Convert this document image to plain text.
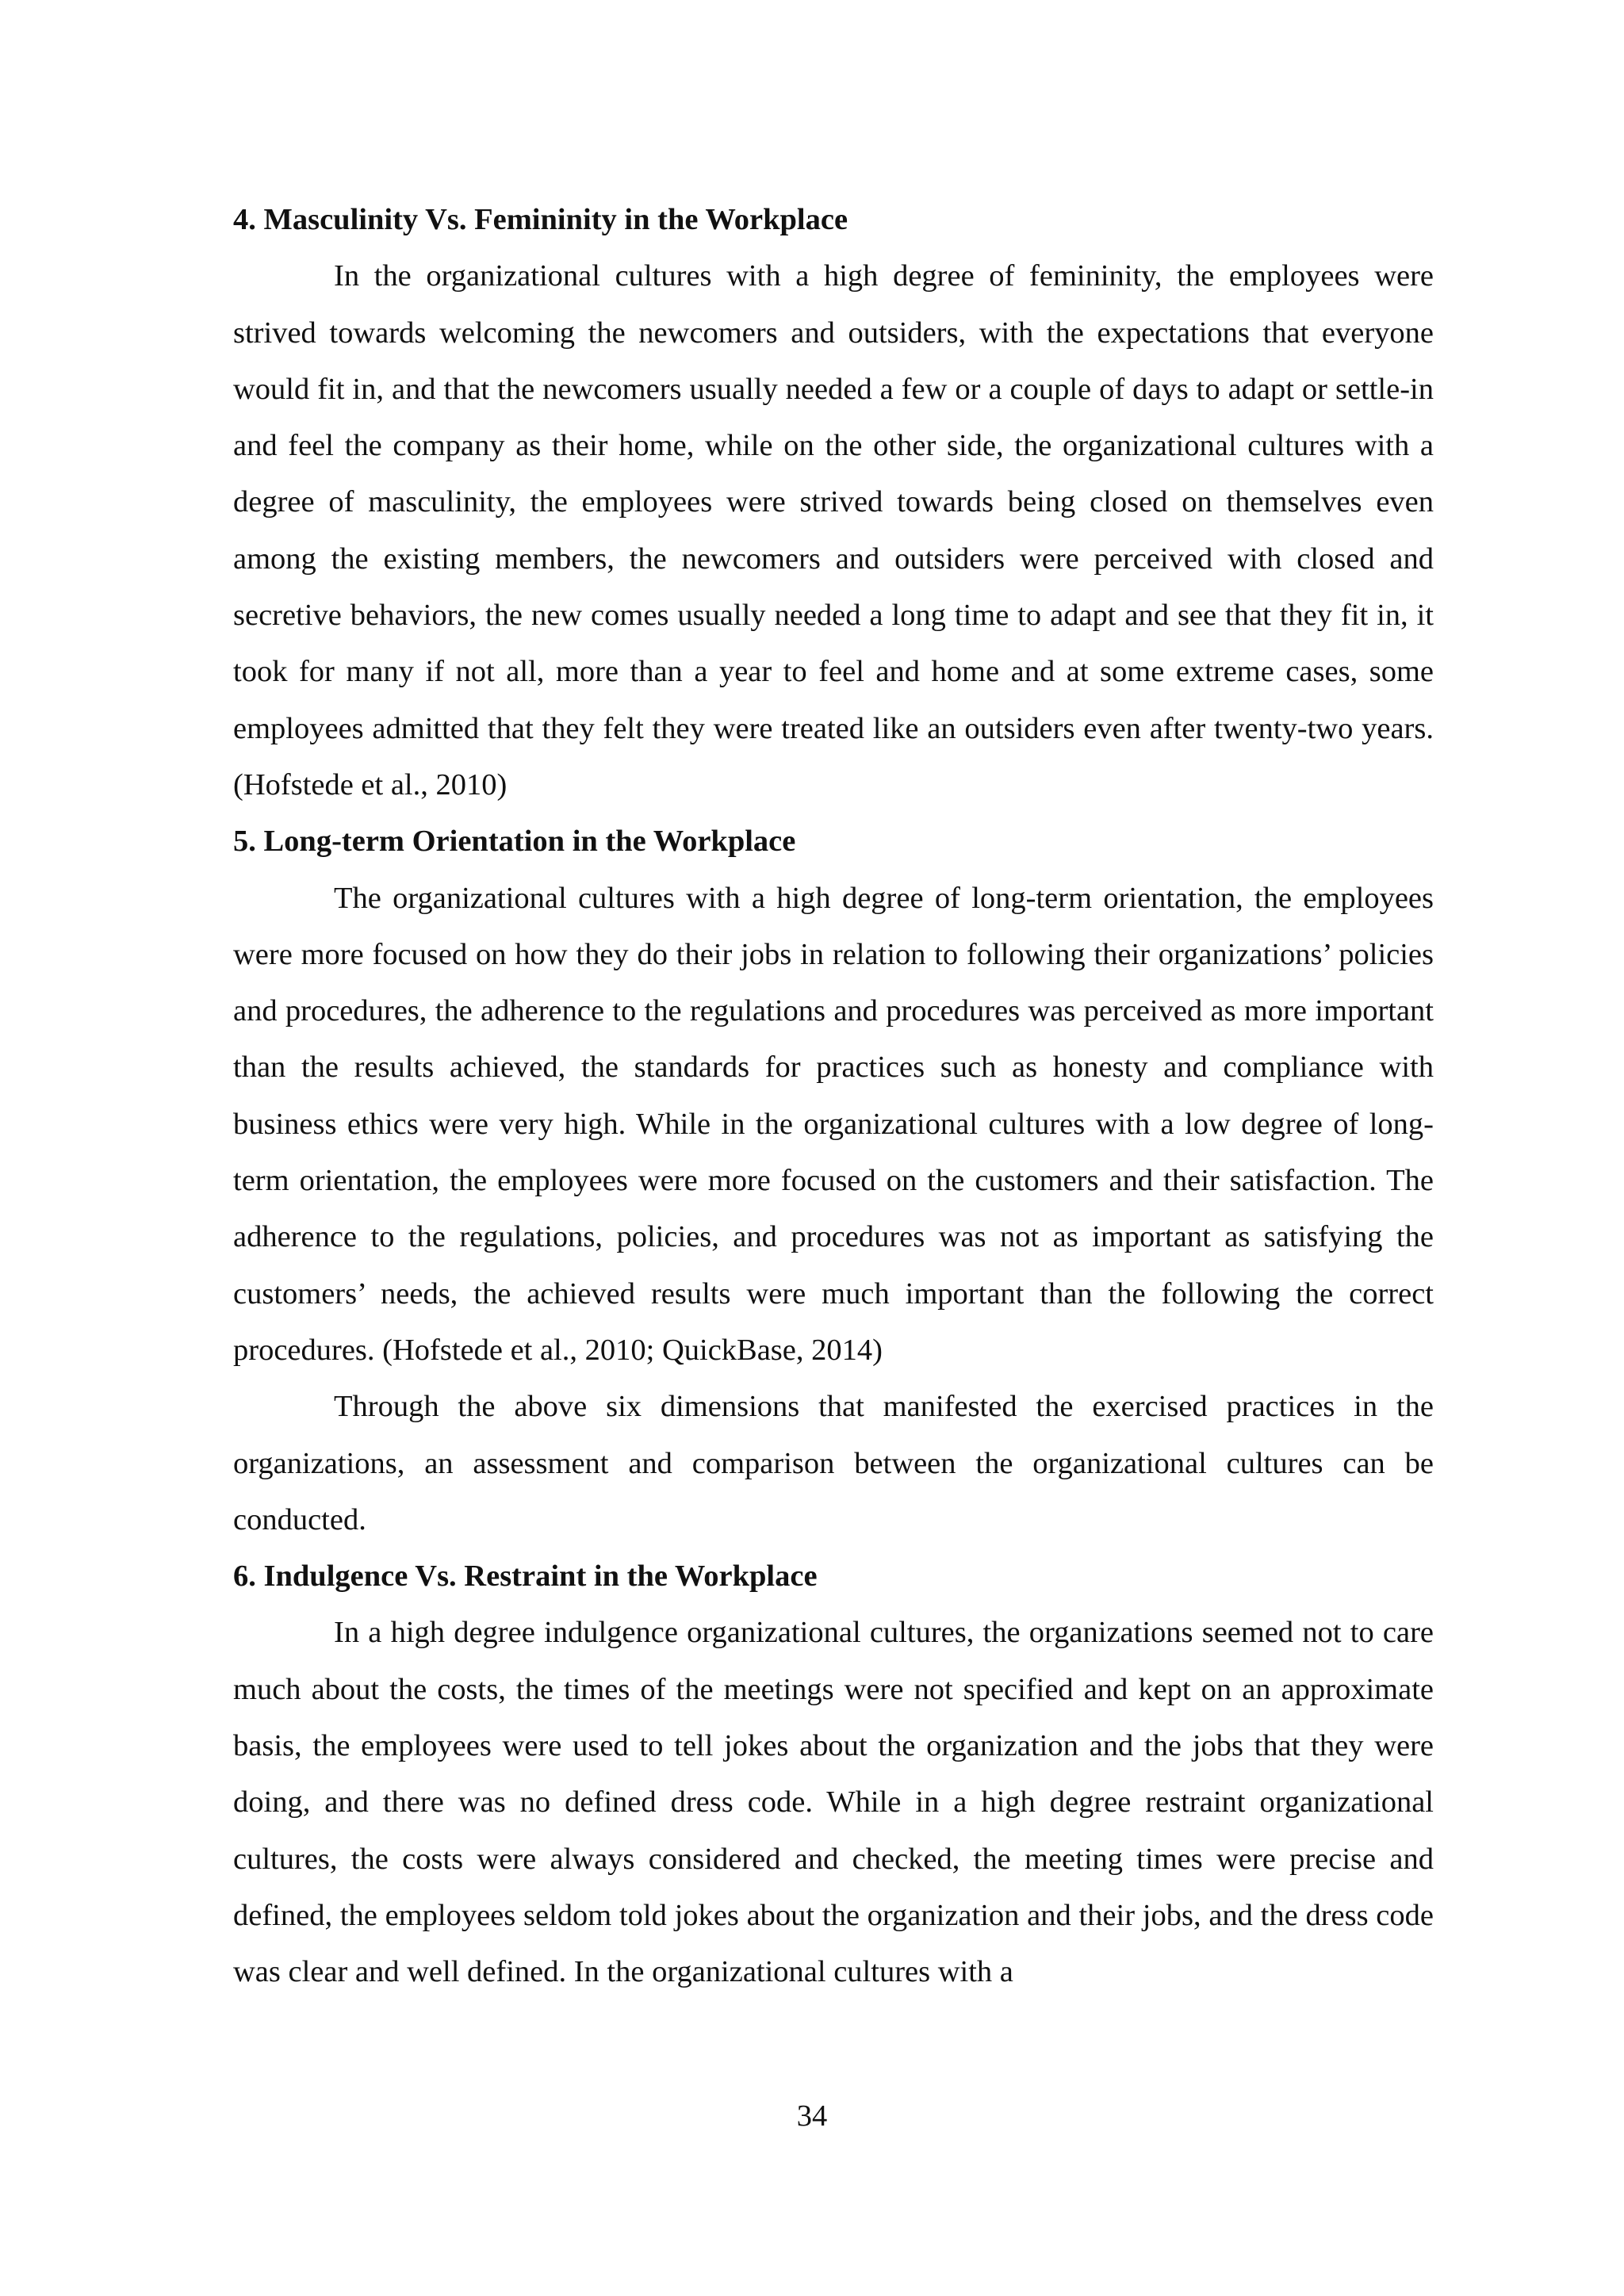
4. Masculinity Vs. Femininity in the Workplace

In the organizational cultures with a high degree of femininity, the employees were strived towards welcoming the newcomers and outsiders, with the expectations that everyone would fit in, and that the newcomers usually needed a few or a couple of days to adapt or settle-in and feel the company as their home, while on the other side, the organizational cultures with a degree of masculinity, the employees were strived towards being closed on themselves even among the existing members, the newcomers and outsiders were perceived with closed and secretive behaviors, the new comes usually needed a long time to adapt and see that they fit in, it took for many if not all, more than a year to feel and home and at some extreme cases, some employees admitted that they felt they were treated like an outsiders even after twenty-two years. (Hofstede et al., 2010)

5. Long-term Orientation in the Workplace

The organizational cultures with a high degree of long-term orientation, the employees were more focused on how they do their jobs in relation to following their organizations’ policies and procedures, the adherence to the regulations and procedures was perceived as more important than the results achieved, the standards for practices such as honesty and compliance with business ethics were very high. While in the organizational cultures with a low degree of long-term orientation, the employees were more focused on the customers and their satisfaction. The adherence to the regulations, policies, and procedures was not as important as satisfying the customers’ needs, the achieved results were much important than the following the correct procedures. (Hofstede et al., 2010; QuickBase, 2014)

Through the above six dimensions that manifested the exercised practices in the organizations, an assessment and comparison between the organizational cultures can be conducted.

6. Indulgence Vs. Restraint in the Workplace

In a high degree indulgence organizational cultures, the organizations seemed not to care much about the costs, the times of the meetings were not specified and kept on an approximate basis, the employees were used to tell jokes about the organization and the jobs that they were doing, and there was no defined dress code. While in a high degree restraint organizational cultures, the costs were always considered and checked, the meeting times were precise and defined, the employees seldom told jokes about the organization and their jobs, and the dress code was clear and well defined. In the organizational cultures with a

34
